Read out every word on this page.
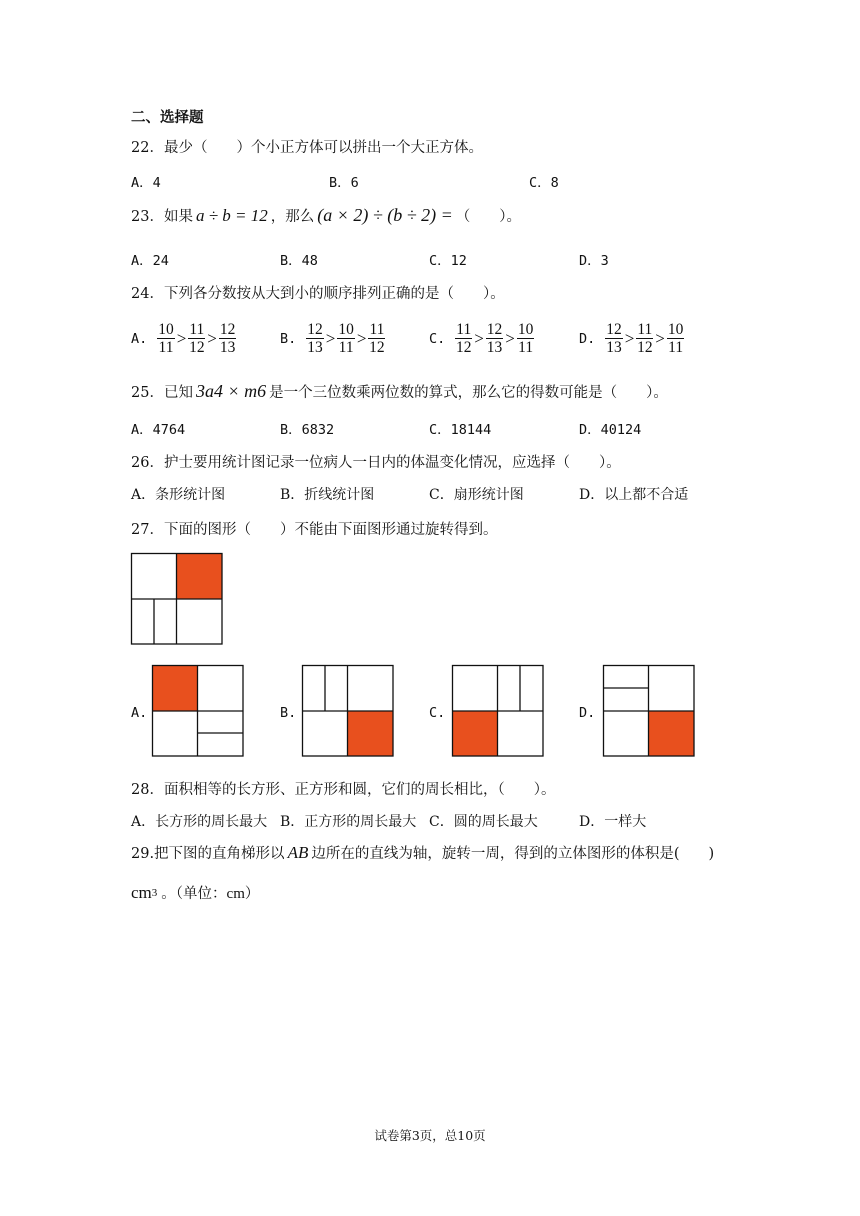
二、选择题
22．最少（　　）个小正方体可以拼出一个大正方体。
A．4	B．6	C．8
23．如果 a ÷ b = 12 ，那么 (a × 2) ÷ (b ÷ 2) = （　　）。
A．24	B．48	C．12	D．3
24．下列各分数按从大到小的顺序排列正确的是（　　）。
A. $\frac{10}{11} > \frac{11}{12} > \frac{12}{13}$	B. $\frac{12}{13} > \frac{10}{11} > \frac{11}{12}$	C. $\frac{11}{12} > \frac{12}{13} > \frac{10}{11}$	D. $\frac{12}{13} > \frac{11}{12} > \frac{10}{11}$
25．已知 3a4 × m6 是一个三位数乘两位数的算式，那么它的得数可能是（　　）。
A．4764	B．6832	C．18144	D．40124
26．护士要用统计图记录一位病人一日内的体温变化情况，应选择（　　）。
A．条形统计图	B．折线统计图	C．扇形统计图	D．以上都不合适
27．下面的图形（　　）不能由下面图形通过旋转得到。
A.	B.	C.	D.
28．面积相等的长方形、正方形和圆，它们的周长相比，（　　）。
A．长方形的周长最大 B．正方形的周长最大 C．圆的周长最大	D．一样大
29.把下图的直角梯形以 AB 边所在的直线为轴，旋转一周，得到的立体图形的体积是(　　)
$cm^3$ 。（单位： cm ）
试卷第3页，总10页
